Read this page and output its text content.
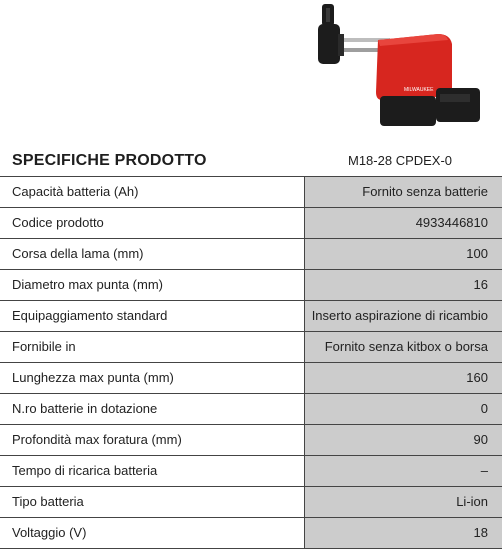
MILWAUKEE
SPECIFICHE PRODOTTO	M18-28 CPDEX-0
Capacità batteria (Ah)	Fornito senza batterie
Codice prodotto	4933446810
Corsa della lama (mm)	100
Diametro max punta (mm)	16
Equipaggiamento standard	Inserto aspirazione di ricambio
Fornibile in	Fornito senza kitbox o borsa
Lunghezza max punta (mm)	160
N.ro batterie in dotazione	0
Profondità max foratura (mm)	90
Tempo di ricarica batteria	–
Tipo batteria	Li-ion
Voltaggio (V)	18
